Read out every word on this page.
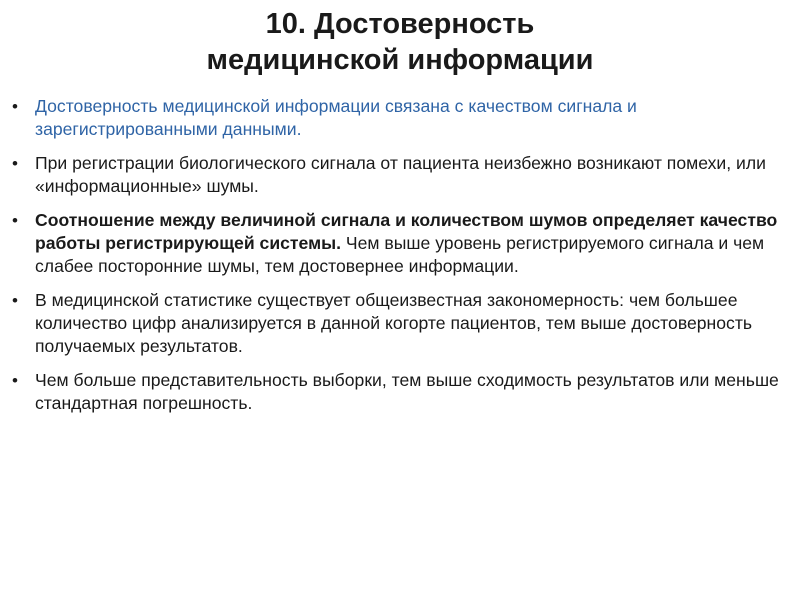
10. Достоверность
медицинской информации
• Достоверность медицинской информации связана с качеством сигнала и зарегистрированными данными.
• При регистрации биологического сигнала от пациента неизбежно возникают помехи, или «информационные» шумы.
• Соотношение между величиной сигнала и количеством шумов определяет качество работы регистрирующей системы. Чем выше уровень регистрируемого сигнала и чем слабее посторонние шумы, тем достовернее информации.
• В медицинской статистике существует общеизвестная закономерность: чем большее количество цифр анализируется в данной когорте пациентов, тем выше достоверность получаемых результатов.
• Чем больше представительность выборки, тем выше сходимость результатов или меньше стандартная погрешность.
